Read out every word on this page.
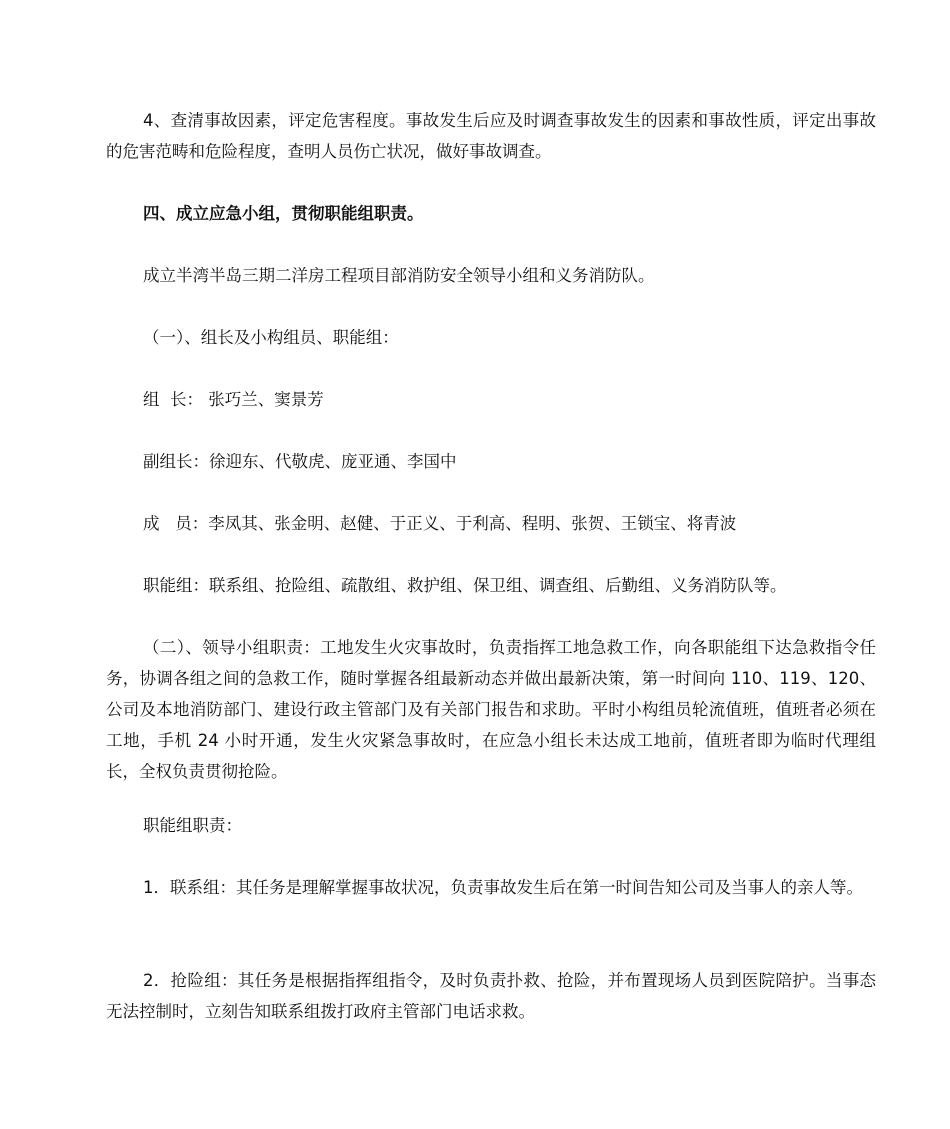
4、查清事故因素，评定危害程度。事故发生后应及时调查事故发生的因素和事故性质，评定出事故的危害范畴和危险程度，查明人员伤亡状况，做好事故调查。

四、成立应急小组，贯彻职能组职责。

成立半湾半岛三期二洋房工程项目部消防安全领导小组和义务消防队。

（一）、组长及小构组员、职能组：

组  长： 张巧兰、窦景芳

副组长：徐迎东、代敬虎、庞亚通、李国中

成   员：李凤其、张金明、赵健、于正义、于利高、程明、张贺、王锁宝、将青波

职能组：联系组、抢险组、疏散组、救护组、保卫组、调查组、后勤组、义务消防队等。

（二）、领导小组职责：工地发生火灾事故时，负责指挥工地急救工作，向各职能组下达急救指令任务，协调各组之间的急救工作，随时掌握各组最新动态并做出最新决策，第一时间向 110、119、120、公司及本地消防部门、建设行政主管部门及有关部门报告和求助。平时小构组员轮流值班，值班者必须在工地，手机 24 小时开通，发生火灾紧急事故时，在应急小组长未达成工地前，值班者即为临时代理组长，全权负责贯彻抢险。

职能组职责：

1．联系组：其任务是理解掌握事故状况，负责事故发生后在第一时间告知公司及当事人的亲人等。

2．抢险组：其任务是根据指挥组指令，及时负责扑救、抢险，并布置现场人员到医院陪护。当事态无法控制时，立刻告知联系组拨打政府主管部门电话求救。
